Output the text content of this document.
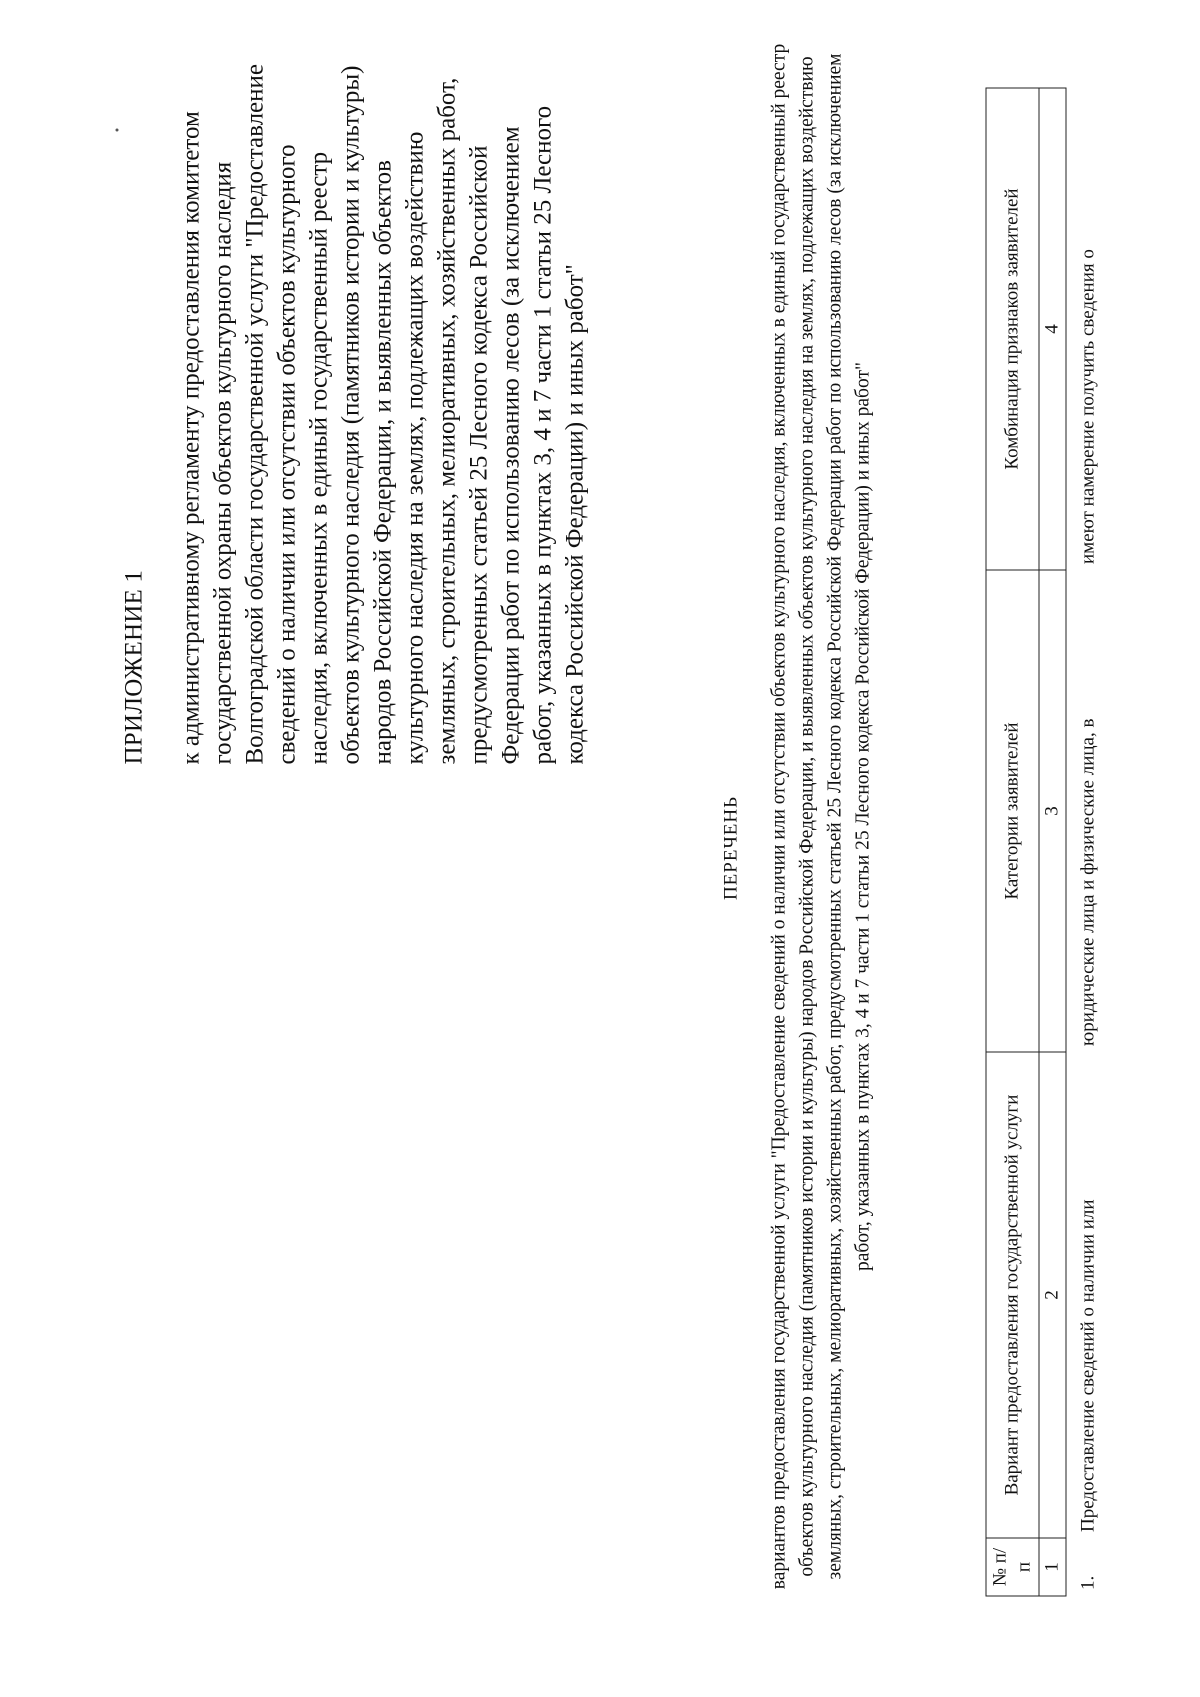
ПРИЛОЖЕНИЕ 1 к административному регламенту предоставления комитетом государственной охраны объектов культурного наследия Волгоградской области государственной услуги "Предоставление сведений о наличии или отсутствии объектов культурного наследия, включенных в единый государственный реестр объектов культурного наследия (памятников истории и культуры) народов Российской Федерации, и выявленных объектов культурного наследия на землях, подлежащих воздействию земляных, строительных, мелиоративных, хозяйственных работ, предусмотренных статьей 25 Лесного кодекса Российской Федерации работ по использованию лесов (за исключением работ, указанных в пунктах 3, 4 и 7 части 1 статьи 25 Лесного кодекса Российской Федерации) и иных работ"

ПЕРЕЧЕНЬ вариантов предоставления государственной услуги "Предоставление сведений о наличии или отсутствии объектов культурного наследия, включенных в единый государственный реестр объектов культурного наследия (памятников истории и культуры) народов Российской Федерации, и выявленных объектов культурного наследия на землях, подлежащих воздействию земляных, строительных, мелиоративных, хозяйственных работ, предусмотренных статьей 25 Лесного кодекса Российской Федерации работ по использованию лесов (за исключением работ, указанных в пунктах 3, 4 и 7 части 1 статьи 25 Лесного кодекса Российской Федерации) и иных работ"

№ п/п	Вариант предоставления государственной услуги	Категории заявителей	Комбинация признаков заявителей
1	2	3	4
1.	Предоставление сведений о наличии или	юридические лица и физические лица, в	имеют намерение получить сведения о
